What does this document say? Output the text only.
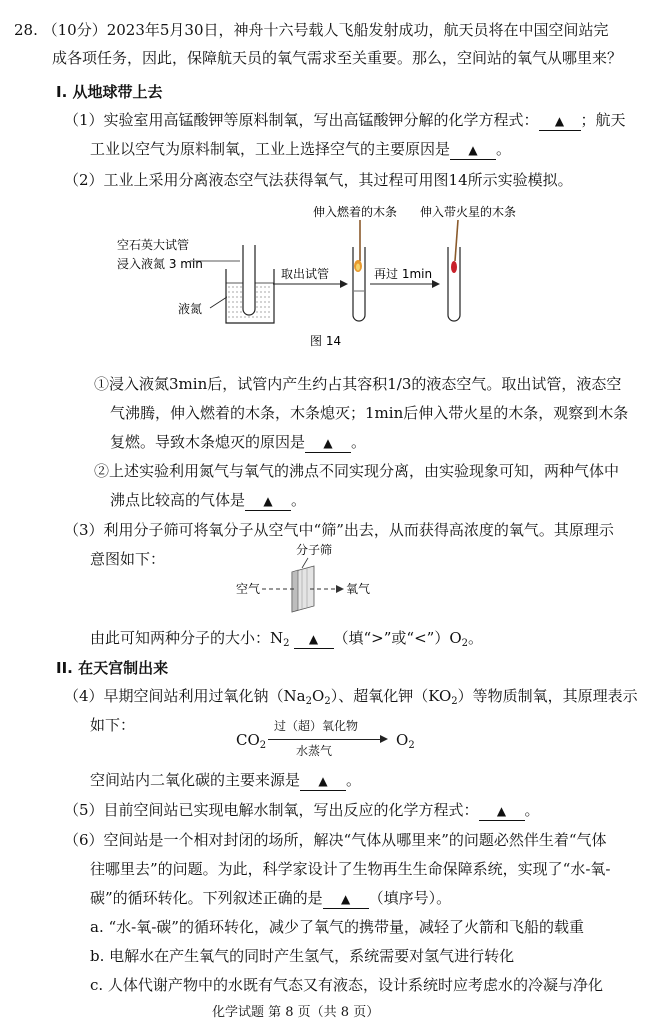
28. （10分）2023年5月30日，神舟十六号载人飞船发射成功，航天员将在中国空间站完
成各项任务，因此，保障航天员的氧气需求至关重要。那么，空间站的氧气从哪里来？
I. 从地球带上去
（1）实验室用高锰酸钾等原料制氧，写出高锰酸钾分解的化学方程式： ▲ ；航天
工业以空气为原料制氧，工业上选择空气的主要原因是 ▲ 。
（2）工业上采用分离液态空气法获得氧气，其过程可用图14所示实验模拟。
空石英大试管
浸入液氮 3 min
液氮
取出试管
伸入燃着的木条
再过 1min
伸入带火星的木条
图 14
①浸入液氮3min后，试管内产生约占其容积1/3的液态空气。取出试管，液态空
气沸腾，伸入燃着的木条，木条熄灭；1min后伸入带火星的木条，观察到木条
复燃。导致木条熄灭的原因是 ▲ 。
②上述实验利用氮气与氧气的沸点不同实现分离，由实验现象可知，两种气体中
沸点比较高的气体是 ▲ 。
（3）利用分子筛可将氧分子从空气中“筛”出去，从而获得高浓度的氧气。其原理示
意图如下：	分子筛
空气	氧气
由此可知两种分子的大小：$N_2$ ▲ （填“>”或“$<”)O_2$。
II. 在天宫制出来
（4）早期空间站利用过氧化钠$(Na_2O_2)$、超氧化钾$(KO_2)$等物质制氧，其原理表示
如下：
$CO_2$
过（超）氧化物
水蒸气
$O_2$
空间站内二氧化碳的主要来源是 ▲ 。
（5）目前空间站已实现电解水制氧，写出反应的化学方程式： ▲ 。
（6）空间站是一个相对封闭的场所，解决“气体从哪里来”的问题必然伴生着“气体
往哪里去”的问题。为此，科学家设计了生物再生生命保障系统，实现了“水-氧-
碳”的循环转化。下列叙述正确的是 ▲ （填序号）。
a. “水-氧-碳”的循环转化，减少了氧气的携带量，减轻了火箭和飞船的载重
b. 电解水在产生氧气的同时产生氢气，系统需要对氢气进行转化
c. 人体代谢产物中的水既有气态又有液态，设计系统时应考虑水的冷凝与净化
化学试题 第 8 页（共 8 页）
